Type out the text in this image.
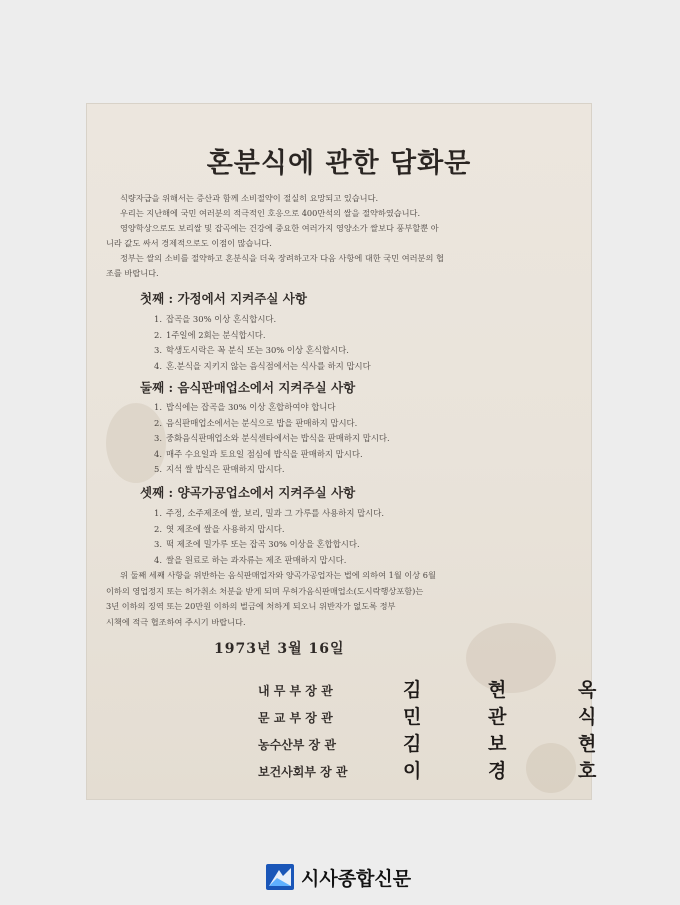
혼분식에 관한 담화문

식량자급을 위해서는 증산과 함께 소비절약이 절실히 요망되고 있습니다.

우리는 지난해에 국민 여러분의 적극적인 호응으로 400만석의 쌀을 절약하였습니다.

영양학상으로도 보리쌀 및 잡곡에는 건강에 중요한 여러가지 영양소가 쌀보다 풍부할뿐 아

니라 값도 싸서 경제적으로도 이점이 많습니다.

정부는 쌀의 소비를 절약하고 혼분식을 더욱 장려하고자 다음 사항에 대한 국민 여러분의 협

조를 바랍니다.

첫째 : 가정에서 지켜주실 사항
1. 잡곡을 30% 이상 혼식합시다.
2. 1주일에 2회는 분식합시다.
3. 학생도시락은 꼭 분식 또는 30% 이상 혼식합시다.
4. 혼.분식을 지키지 않는 음식점에서는 식사를 하지 맙시다
둘째 : 음식판매업소에서 지켜주실 사항
1. 밥식에는 잡곡을 30% 이상 혼합하여야 합니다
2. 음식판매업소에서는 분식으로 밥을 판매하지 맙시다.
3. 중화음식판매업소와 분식센타에서는 밥식을 판매하지 맙시다.
4. 매주 수요일과 토요일 점심에 밥식을 판매하지 맙시다.
5. 지석 쌀 밥식은 판매하지 맙시다.
셋째 : 양곡가공업소에서 지켜주실 사항
1. 주정, 소주제조에 쌀, 보리, 밀과 그 가루를 사용하지 맙시다.
2. 엿 제조에 쌀을 사용하지 맙시다.
3. 떡 제조에 밀가루 또는 잡곡 30% 이상을 혼합합시다.
4. 쌀을 원료로 하는 과자류는 제조 판매하지 맙시다.

위 둘째 세째 사항을 위반하는 음식판매업자와 양곡가공업자는 법에 의하여 1월 이상 6월

이하의 영업정지 또는 허가취소 처분을 받게 되며 무허가음식판매업소(도시락행상포함)는

3년 이하의 징역 또는 20만원 이하의 벌금에 처하게 되오니 위반자가 없도록 정부

시책에 적극 협조하여 주시기 바랍니다.

1973년 3월 16일
내 무 부 장 관	김	현	옥
문 교 부 장 관	민	관	식
농수산부 장 관	김	보	현
보건사회부 장 관	이	경	호
시사종합신문
